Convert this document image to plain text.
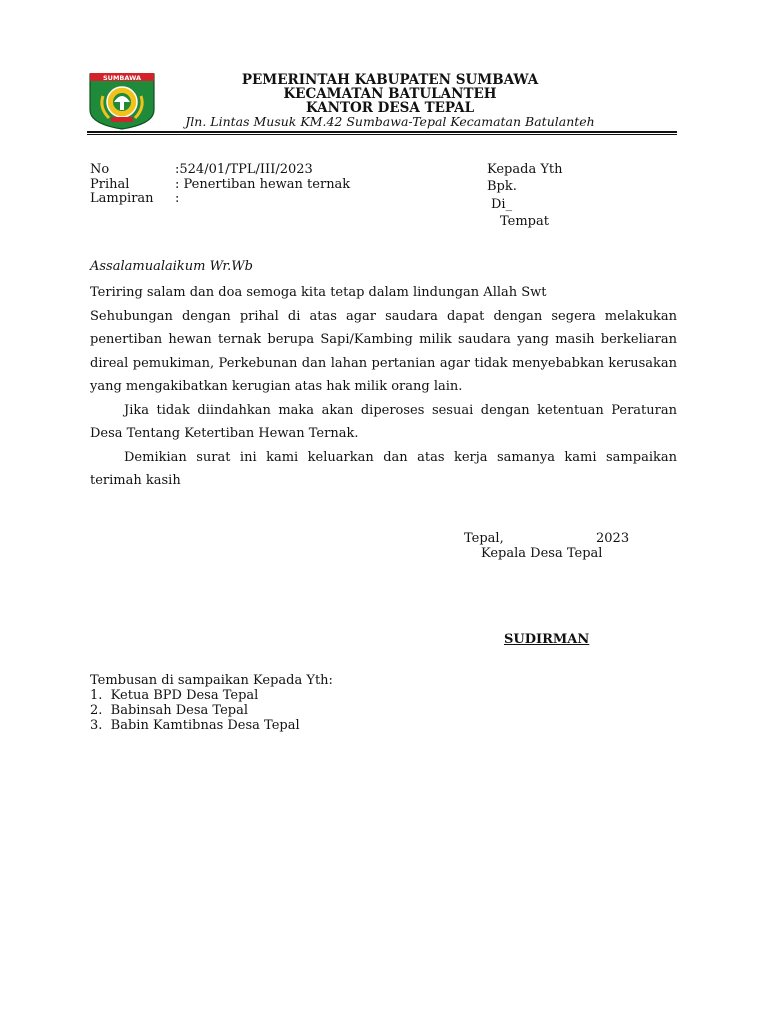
SUMBAWA	PEMERINTAH KABUPATEN SUMBAWA
KECAMATAN BATULANTEH
KANTOR DESA TEPAL
Jln. Lintas Musuk KM.42 Sumbawa-Tepal Kecamatan Batulanteh
No	:524/01/TPL/III/2023
Prihal	: Penertiban hewan ternak
Lampiran :
Kepada Yth
Bpk.
Di_
Tempat
Assalamualaikum Wr.Wb

Teriring salam dan doa semoga kita tetap dalam lindungan Allah Swt

Sehubungan dengan prihal di atas agar saudara dapat dengan segera melakukan penertiban hewan ternak berupa Sapi/Kambing milik saudara yang masih berkeliaran direal pemukiman, Perkebunan dan lahan pertanian agar tidak menyebabkan kerusakan yang mengakibatkan kerugian atas hak milik orang lain.

Jika tidak diindahkan maka akan diperoses sesuai dengan ketentuan Peraturan Desa Tentang Ketertiban Hewan Ternak.

Demikian surat ini kami keluarkan dan atas kerja samanya kami sampaikan terimah kasih

Tepal,	2023
Kepala Desa Tepal
SUDIRMAN
Tembusan di sampaikan Kepada Yth:
1. Ketua BPD Desa Tepal
2. Babinsah Desa Tepal
3. Babin Kamtibnas Desa Tepal
